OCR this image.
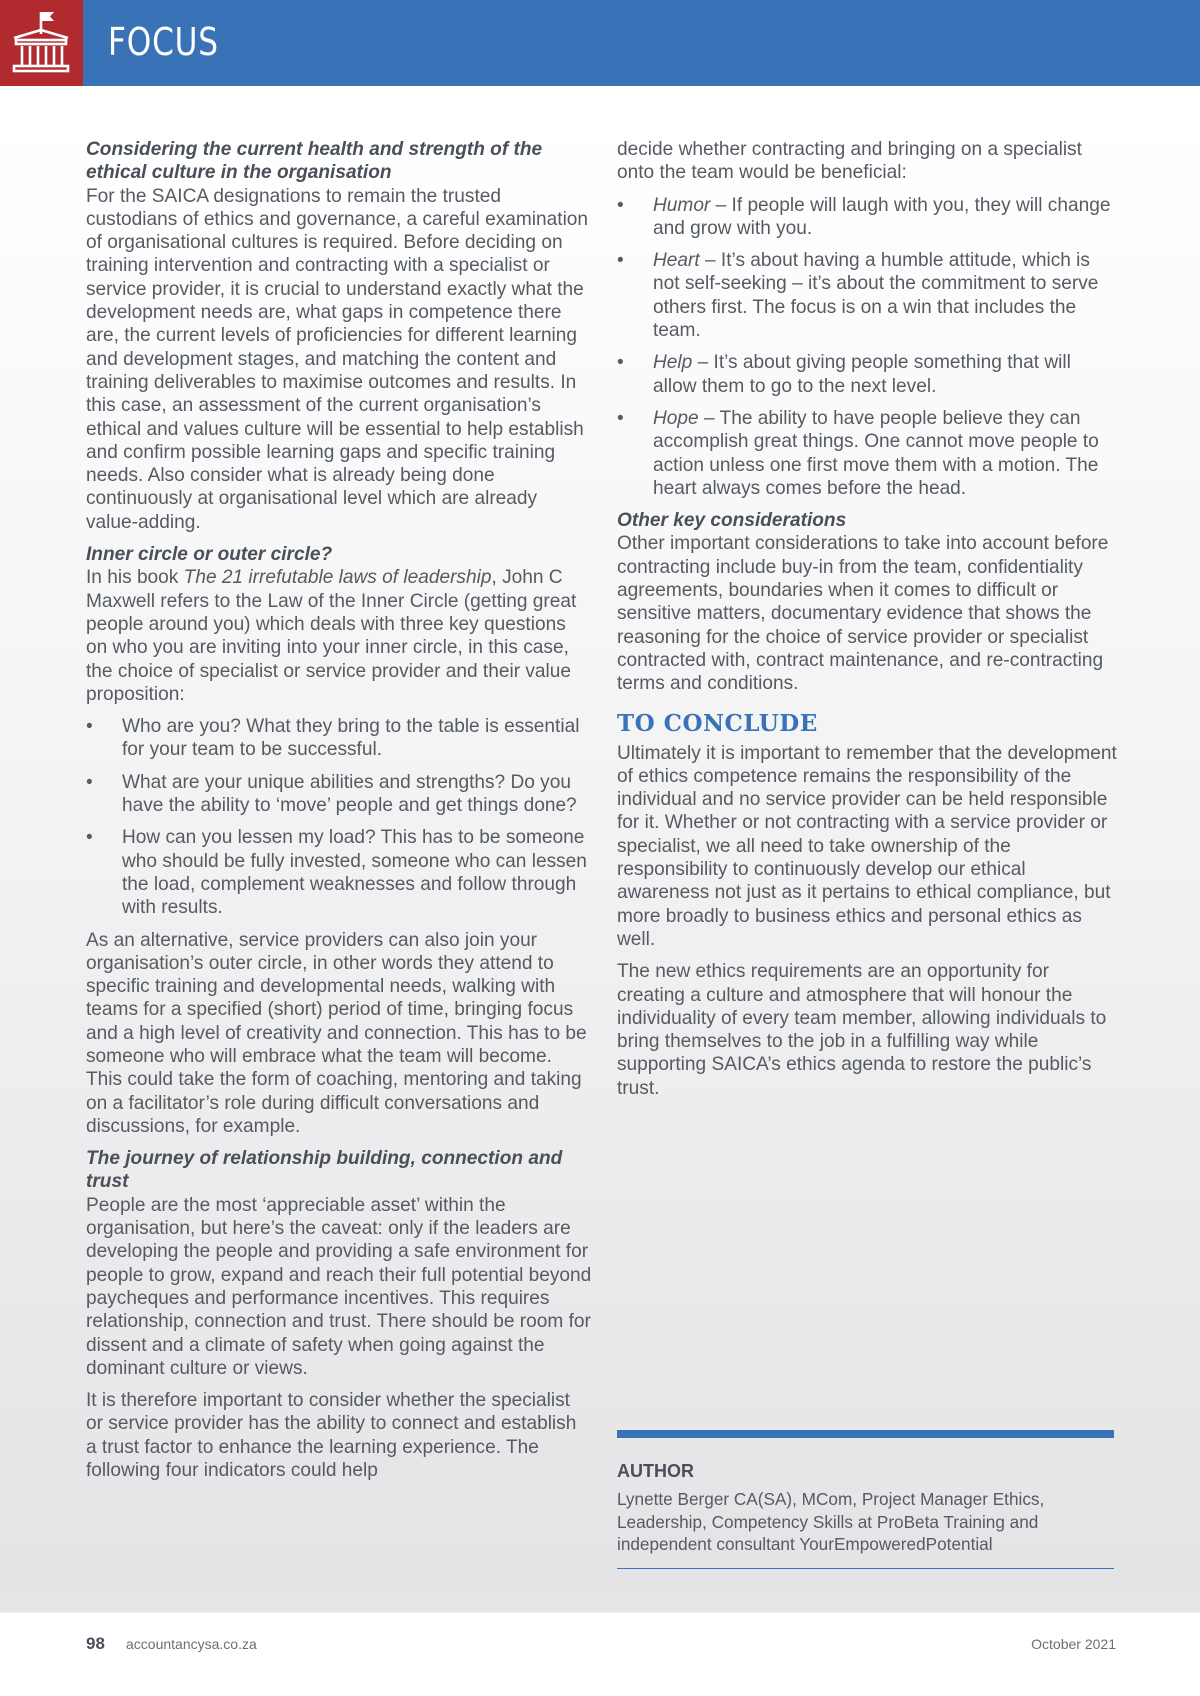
FOCUS
Considering the current health and strength of the ethical culture in the organisation

For the SAICA designations to remain the trusted custodians of ethics and governance, a careful examination of organisational cultures is required. Before deciding on training intervention and contracting with a specialist or service provider, it is crucial to understand exactly what the development needs are, what gaps in competence there are, the current levels of proficiencies for different learning and development stages, and matching the content and training deliverables to maximise outcomes and results. In this case, an assessment of the current organisation’s ethical and values culture will be essential to help establish and confirm possible learning gaps and specific training needs. Also consider what is already being done continuously at organisational level which are already value-adding.

Inner circle or outer circle?

In his book The 21 irrefutable laws of leadership, John C Maxwell refers to the Law of the Inner Circle (getting great people around you) which deals with three key questions on who you are inviting into your inner circle, in this case, the choice of specialist or service provider and their value proposition:

• Who are you? What they bring to the table is essential for your team to be successful.
• What are your unique abilities and strengths? Do you have the ability to ‘move’ people and get things done?
• How can you lessen my load? This has to be someone who should be fully invested, someone who can lessen the load, complement weaknesses and follow through with results.

As an alternative, service providers can also join your organisation’s outer circle, in other words they attend to specific training and developmental needs, walking with teams for a specified (short) period of time, bringing focus and a high level of creativity and connection. This has to be someone who will embrace what the team will become. This could take the form of coaching, mentoring and taking on a facilitator’s role during difficult conversations and discussions, for example.

The journey of relationship building, connection and trust

People are the most ‘appreciable asset’ within the organisation, but here’s the caveat: only if the leaders are developing the people and providing a safe environment for people to grow, expand and reach their full potential beyond paycheques and performance incentives. This requires relationship, connection and trust. There should be room for dissent and a climate of safety when going against the dominant culture or views.

It is therefore important to consider whether the specialist or service provider has the ability to connect and establish a trust factor to enhance the learning experience. The following four indicators could help

decide whether contracting and bringing on a specialist onto the team would be beneficial:

• Humor – If people will laugh with you, they will change and grow with you.
• Heart – It’s about having a humble attitude, which is not self-seeking – it’s about the commitment to serve others first. The focus is on a win that includes the team.
• Help – It’s about giving people something that will allow them to go to the next level.
• Hope – The ability to have people believe they can accomplish great things. One cannot move people to action unless one first move them with a motion. The heart always comes before the head.
Other key considerations

Other important considerations to take into account before contracting include buy-in from the team, confidentiality agreements, boundaries when it comes to difficult or sensitive matters, documentary evidence that shows the reasoning for the choice of service provider or specialist contracted with, contract maintenance, and re-contracting terms and conditions.

TO CONCLUDE

Ultimately it is important to remember that the development of ethics competence remains the responsibility of the individual and no service provider can be held responsible for it. Whether or not contracting with a service provider or specialist, we all need to take ownership of the responsibility to continuously develop our ethical awareness not just as it pertains to ethical compliance, but more broadly to business ethics and personal ethics as well.

The new ethics requirements are an opportunity for creating a culture and atmosphere that will honour the individuality of every team member, allowing individuals to bring themselves to the job in a fulfilling way while supporting SAICA’s ethics agenda to restore the public’s trust.

AUTHOR
Lynette Berger CA(SA), MCom, Project Manager Ethics, Leadership, Competency Skills at ProBeta Training and independent consultant YourEmpoweredPotential
98 accountancysa.co.za	October 2021
